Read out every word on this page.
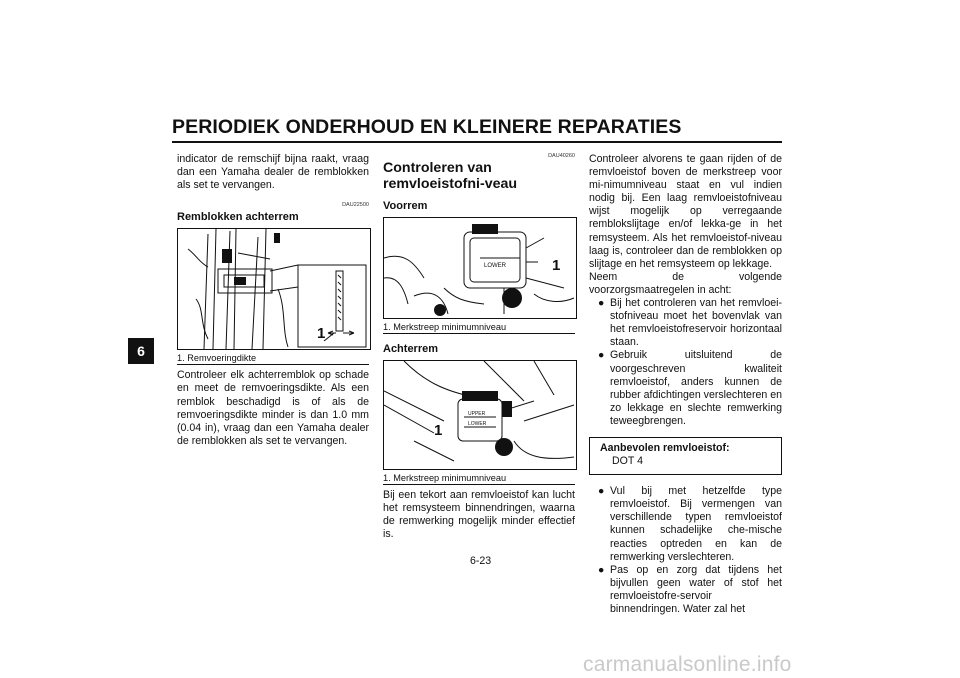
PERIODIEK ONDERHOUD EN KLEINERE REPARATIES
6

indicator de remschijf bijna raakt, vraag dan een Yamaha dealer de remblokken als set te vervangen.

DAU22500
Remblokken achterrem
1
1. Remvoeringdikte

Controleer elk achterremblok op schade en meet de remvoeringsdikte. Als een remblok beschadigd is of als de remvoeringsdikte minder is dan 1.0 mm (0.04 in), vraag dan een Yamaha dealer de remblokken als set te vervangen.

DAU40260
Controleren van remvloeistofni-veau
Voorrem
LOWER	1
1. Merkstreep minimumniveau
Achterrem
UPPER
LOWER
1
1. Merkstreep minimumniveau

Bij een tekort aan remvloeistof kan lucht het remsysteem binnendringen, waarna de remwerking mogelijk minder effectief is.

Controleer alvorens te gaan rijden of de remvloeistof boven de merkstreep voor mi-nimumniveau staat en vul indien nodig bij. Een laag remvloeistofniveau wijst mogelijk op verregaande remblokslijtage en/of lekka-ge in het remsysteem. Als het remvloeistof-niveau laag is, controleer dan de remblokken op slijtage en het remsysteem op lekkage.

Neem de volgende voorzorgsmaatregelen in acht:

● Bij het controleren van het remvloei-stofniveau moet het bovenvlak van het remvloeistofreservoir horizontaal staan.
● Gebruik uitsluitend de voorgeschreven kwaliteit remvloeistof, anders kunnen de rubber afdichtingen verslechteren en zo lekkage en slechte remwerking teweegbrengen.
Aanbevolen remvloeistof:
DOT 4
● Vul bij met hetzelfde type remvloeistof. Bij vermengen van verschillende typen remvloeistof kunnen schadelijke che-mische reacties optreden en kan de remwerking verslechteren.
● Pas op en zorg dat tijdens het bijvullen geen water of stof het remvloeistofre-servoir binnendringen. Water zal het
6-23
carmanualsonline.info
